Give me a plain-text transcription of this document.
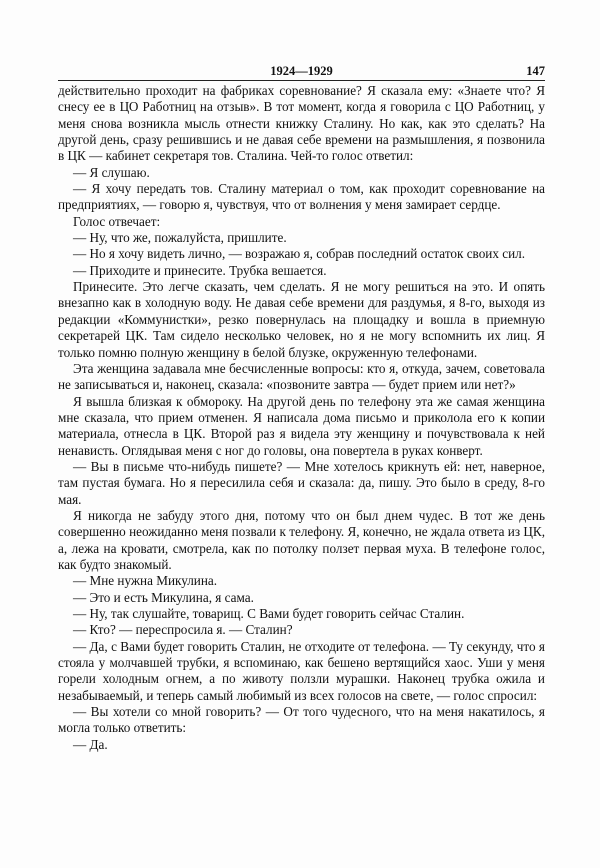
1924—1929	147

действительно проходит на фабриках соревнование? Я сказала ему: «Знаете что? Я снесу ее в ЦО Работниц на отзыв». В тот момент, когда я говорила с ЦО Работниц, у меня снова возникла мысль отнести книжку Сталину. Но как, как это сделать? На другой день, сразу решившись и не давая себе времени на размышления, я позвонила в ЦК — кабинет секретаря тов. Сталина. Чей-то голос ответил:

— Я слушаю.

— Я хочу передать тов. Сталину материал о том, как проходит соревнование на предприятиях, — говорю я, чувствуя, что от волнения у меня замирает сердце.

Голос отвечает:

— Ну, что же, пожалуйста, пришлите.

— Но я хочу видеть лично, — возражаю я, собрав последний остаток своих сил.

— Приходите и принесите. Трубка вешается.

Принесите. Это легче сказать, чем сделать. Я не могу решиться на это. И опять внезапно как в холодную воду. Не давая себе времени для раздумья, я 8-го, выходя из редакции «Коммунистки», резко повернулась на площадку и вошла в приемную секретарей ЦК. Там сидело несколько человек, но я не могу вспомнить их лиц. Я только помню полную женщину в белой блузке, окруженную телефонами.

Эта женщина задавала мне бесчисленные вопросы: кто я, откуда, зачем, советовала не записываться и, наконец, сказала: «позвоните завтра — будет прием или нет?»

Я вышла близкая к обмороку. На другой день по телефону эта же самая женщина мне сказала, что прием отменен. Я написала дома письмо и приколола его к копии материала, отнесла в ЦК. Второй раз я видела эту женщину и почувствовала к ней ненависть. Оглядывая меня с ног до головы, она повертела в руках конверт.

— Вы в письме что-нибудь пишете? — Мне хотелось крикнуть ей: нет, наверное, там пустая бумага. Но я пересилила себя и сказала: да, пишу. Это было в среду, 8-го мая.

Я никогда не забуду этого дня, потому что он был днем чудес. В тот же день совершенно неожиданно меня позвали к телефону. Я, конечно, не ждала ответа из ЦК, а, лежа на кровати, смотрела, как по потолку ползет первая муха. В телефоне голос, как будто знакомый.

— Мне нужна Микулина.

— Это и есть Микулина, я сама.

— Ну, так слушайте, товарищ. С Вами будет говорить сейчас Сталин.

— Кто? — переспросила я. — Сталин?

— Да, с Вами будет говорить Сталин, не отходите от телефона. — Ту секунду, что я стояла у молчавшей трубки, я вспоминаю, как бешено вертящийся хаос. Уши у меня горели холодным огнем, а по животу ползли мурашки. Наконец трубка ожила и незабываемый, и теперь самый любимый из всех голосов на свете, — голос спросил:

— Вы хотели со мной говорить? — От того чудесного, что на меня накатилось, я могла только ответить:

— Да.
